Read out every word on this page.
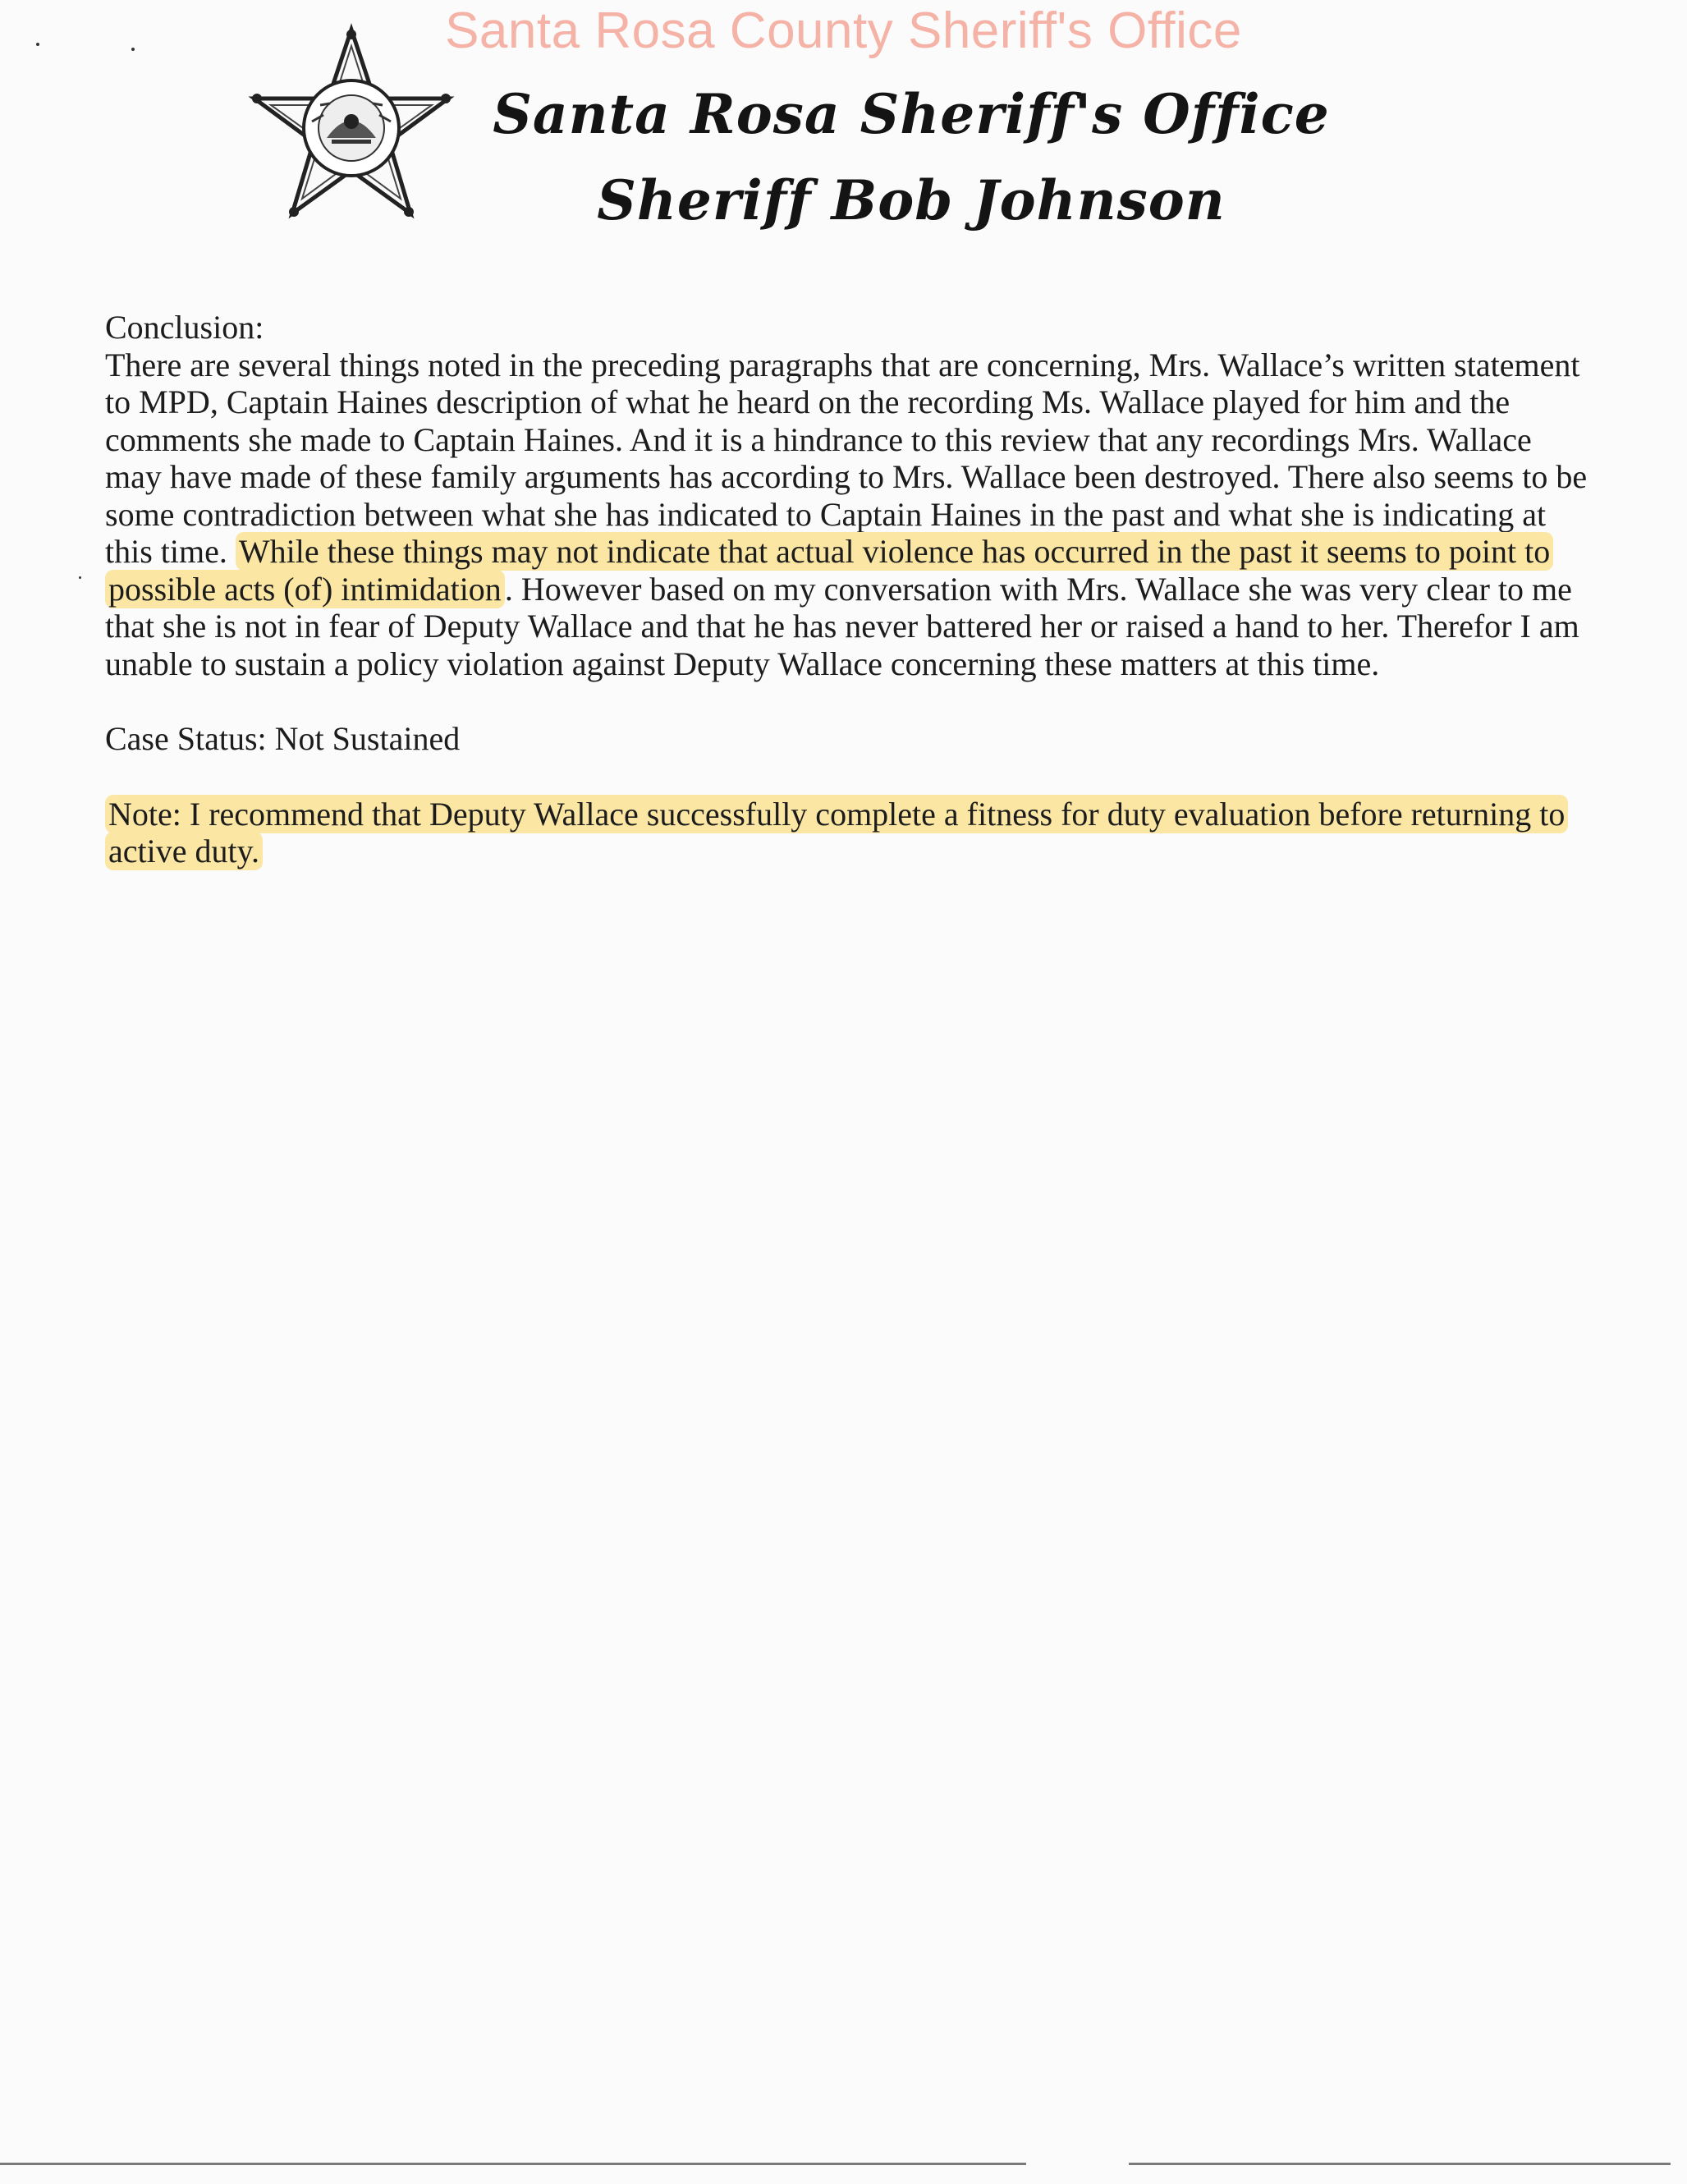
Santa Rosa County Sheriff's Office
Santa Rosa Sheriff's Office
Sheriff Bob Johnson
Conclusion:
There are several things noted in the preceding paragraphs that are concerning, Mrs. Wallace’s written statement to MPD, Captain Haines description of what he heard on the recording Ms. Wallace played for him and the comments she made to Captain Haines. And it is a hindrance to this review that any recordings Mrs. Wallace may have made of these family arguments has according to Mrs. Wallace been destroyed. There also seems to be some contradiction between what she has indicated to Captain Haines in the past and what she is indicating at this time. While these things may not indicate that actual violence has occurred in the past it seems to point to possible acts (of) intimidation . However based on my conversation with Mrs. Wallace she was very clear to me that she is not in fear of Deputy Wallace and that he has never battered her or raised a hand to her. Therefor I am unable to sustain a policy violation against Deputy Wallace concerning these matters at this time.
Case Status: Not Sustained
Note: I recommend that Deputy Wallace successfully complete a fitness for duty evaluation before returning to active duty.
